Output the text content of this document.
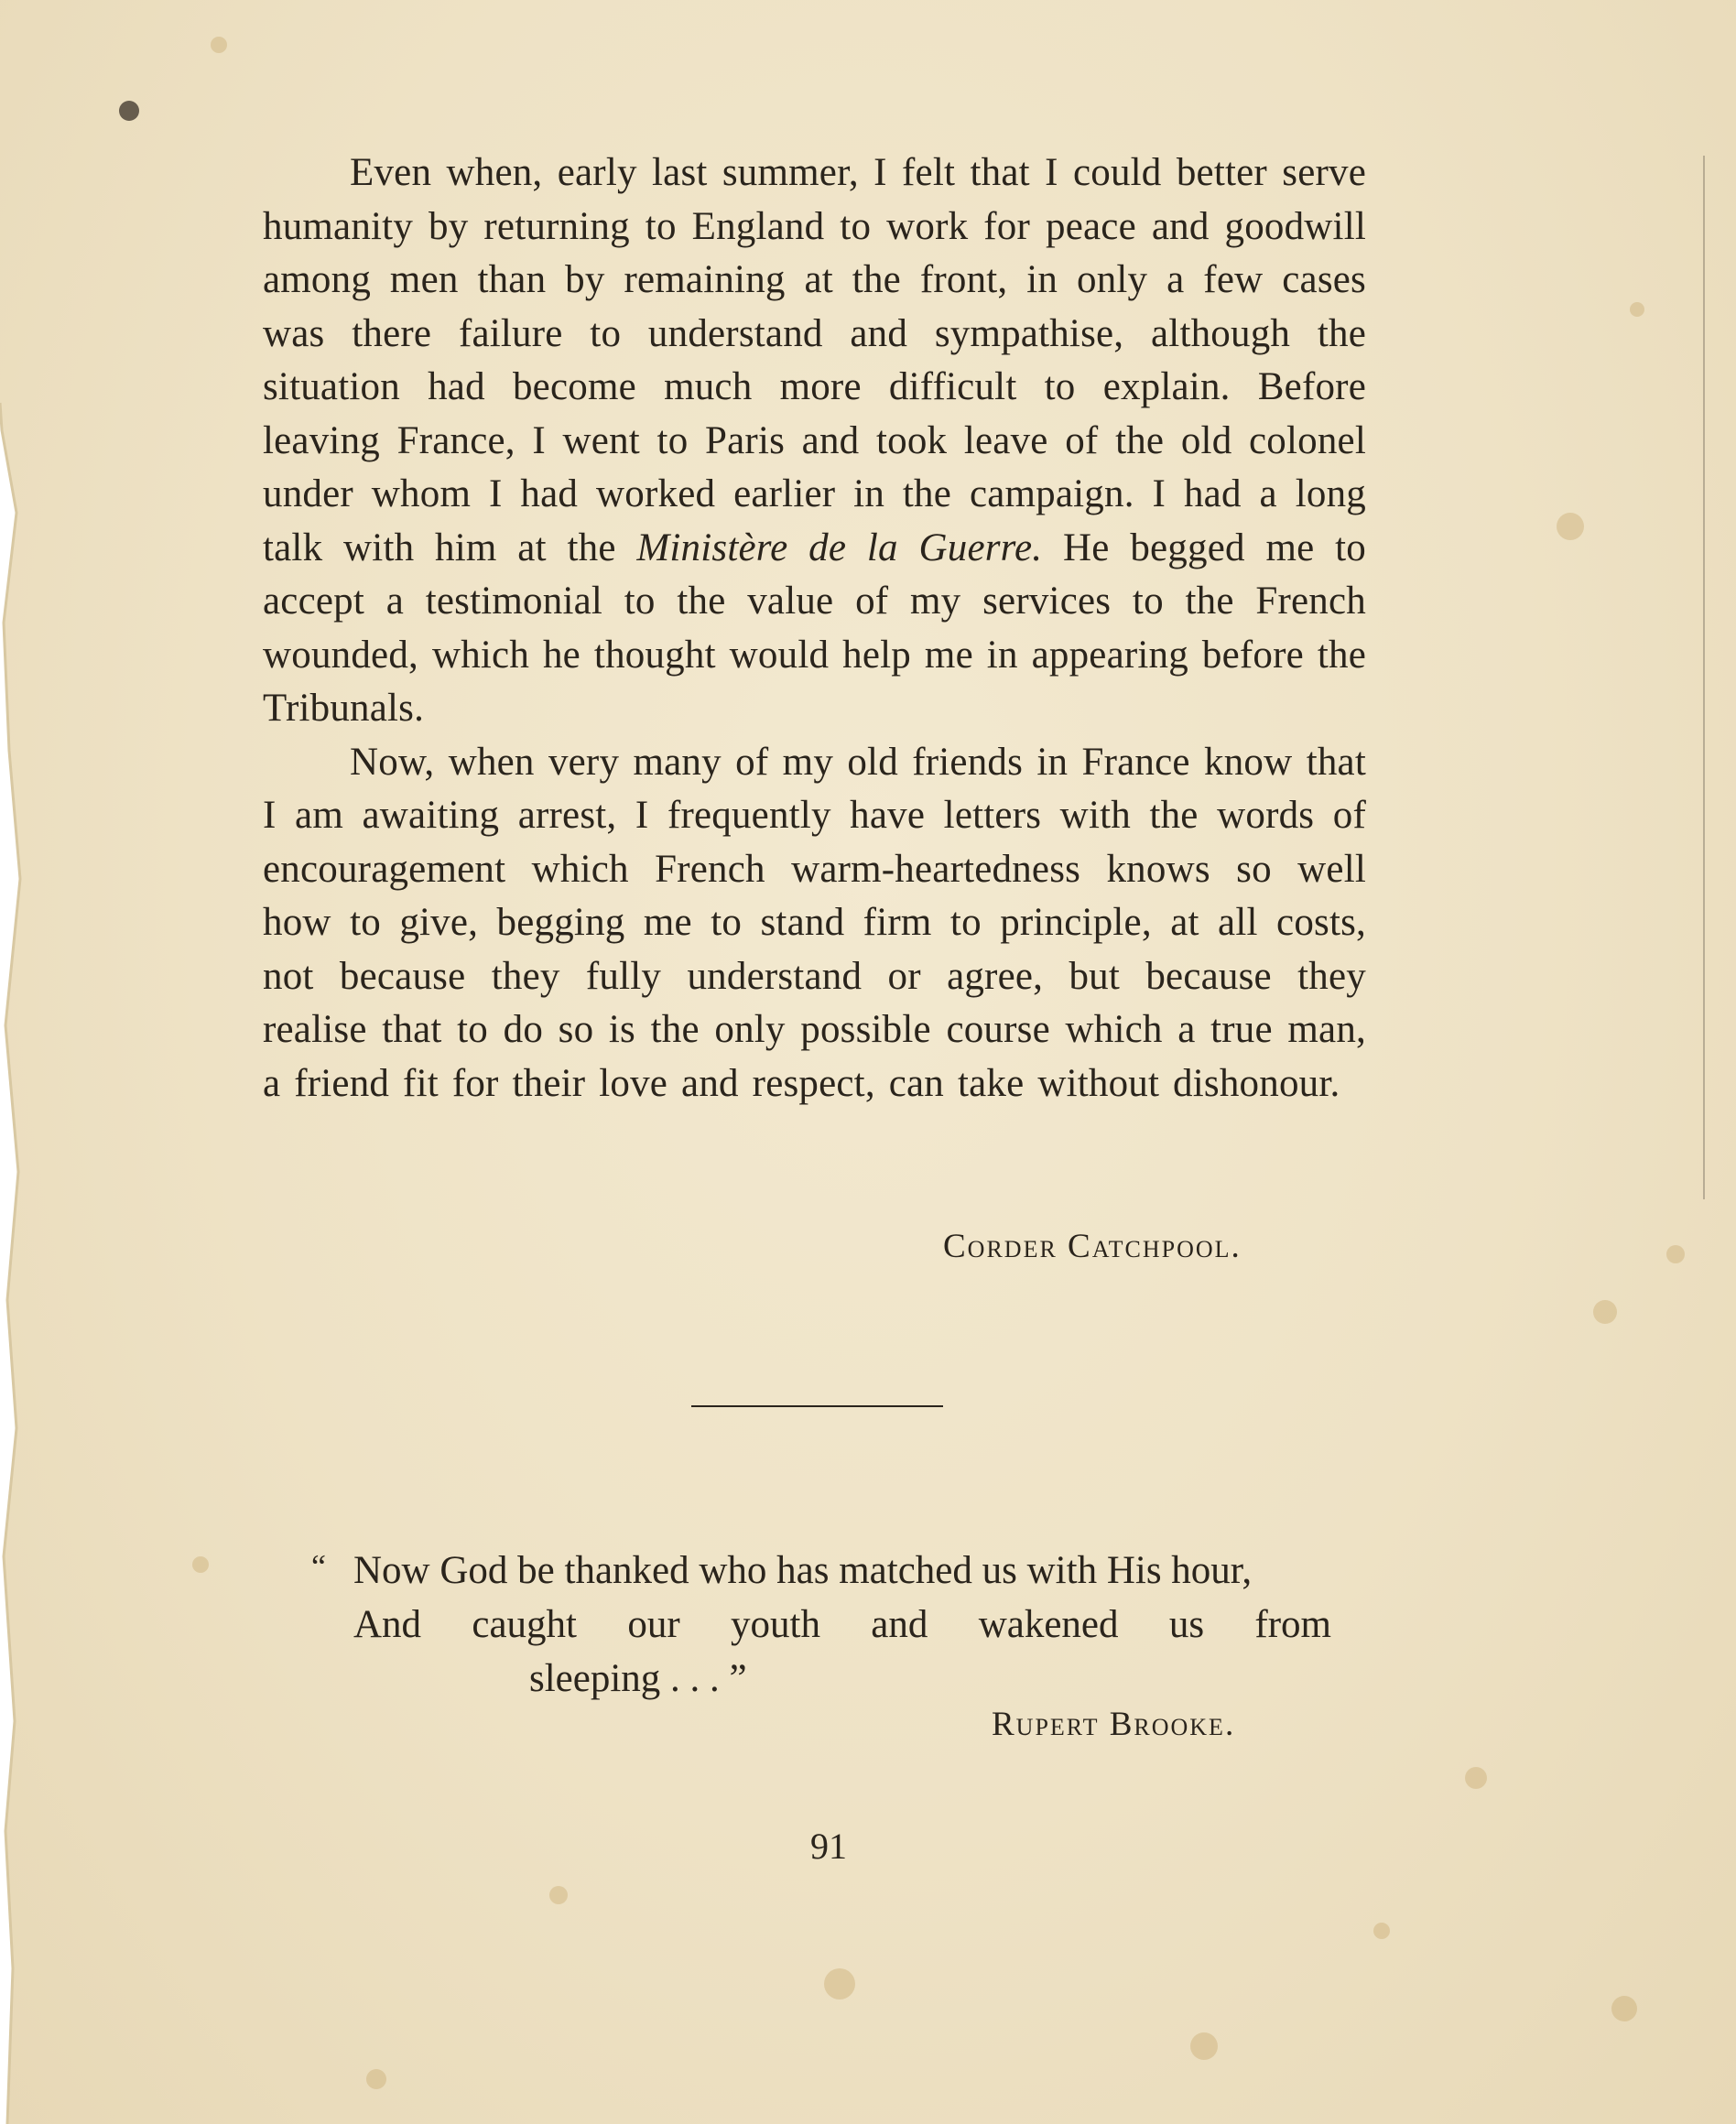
Even when, early last summer, I felt that I could better serve humanity by returning to England to work for peace and goodwill among men than by remaining at the front, in only a few cases was there failure to understand and sympathise, although the situation had become much more difficult to explain. Before leaving France, I went to Paris and took leave of the old colonel under whom I had worked earlier in the campaign. I had a long talk with him at the Ministère de la Guerre. He begged me to accept a testimonial to the value of my services to the French wounded, which he thought would help me in appearing before the Tribunals.

Now, when very many of my old friends in France know that I am awaiting arrest, I frequently have letters with the words of encouragement which French warm-heartedness knows so well how to give, begging me to stand firm to principle, at all costs, not because they fully understand or agree, but because they realise that to do so is the only possible course which a true man, a friend fit for their love and respect, can take without dishonour.

Corder Catchpool.
“ Now God be thanked who has matched us with His hour,
And caught our youth and wakened us from
sleeping . . . ”
Rupert Brooke.
91
